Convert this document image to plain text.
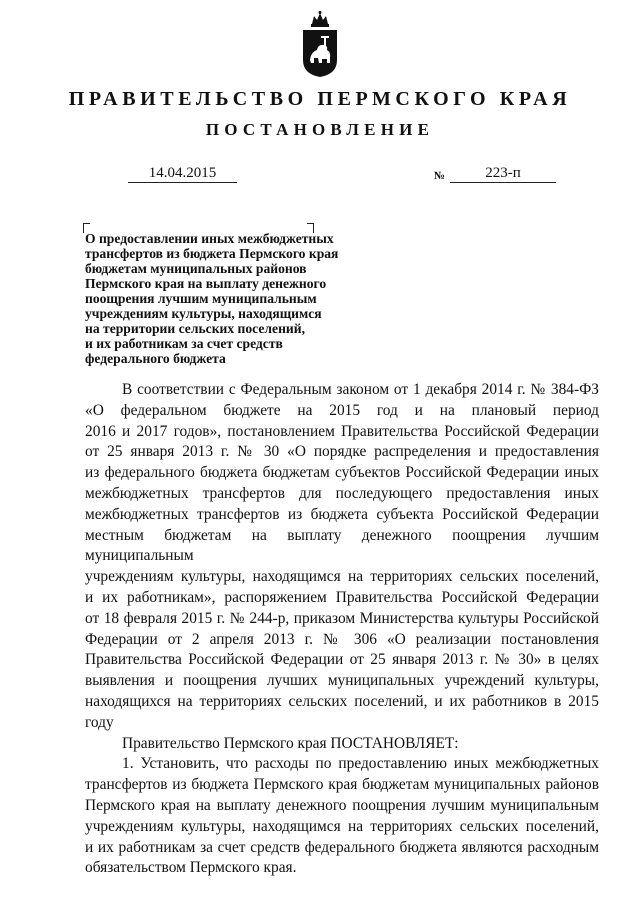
ПРАВИТЕЛЬСТВО ПЕРМСКОГО КРАЯ
ПОСТАНОВЛЕНИЕ
14.04.2015	№	223-п
О предоставлении иных межбюджетных
трансфертов из бюджета Пермского края
бюджетам муниципальных районов
Пермского края на выплату денежного
поощрения лучшим муниципальным
учреждениям культуры, находящимся
на территории сельских поселений,
и их работникам за счет средств
федерального бюджета
В соответствии с Федеральным законом от 1 декабря 2014 г. № 384-ФЗ
«О федеральном бюджете на 2015 год и на плановый период
2016 и 2017 годов», постановлением Правительства Российской Федерации
от 25 января 2013 г. № 30 «О порядке распределения и предоставления
из федерального бюджета бюджетам субъектов Российской Федерации иных
межбюджетных трансфертов для последующего предоставления иных
межбюджетных трансфертов из бюджета субъекта Российской Федерации
местным бюджетам на выплату денежного поощрения лучшим муниципальным
учреждениям культуры, находящимся на территориях сельских поселений,
и их работникам», распоряжением Правительства Российской Федерации
от 18 февраля 2015 г. № 244-р, приказом Министерства культуры Российской
Федерации от 2 апреля 2013 г. № 306 «О реализации постановления
Правительства Российской Федерации от 25 января 2013 г. № 30» в целях
выявления и поощрения лучших муниципальных учреждений культуры,
находящихся на территориях сельских поселений, и их работников в 2015 году
Правительство Пермского края ПОСТАНОВЛЯЕТ:
1. Установить, что расходы по предоставлению иных межбюджетных
трансфертов из бюджета Пермского края бюджетам муниципальных районов
Пермского края на выплату денежного поощрения лучшим муниципальным
учреждениям культуры, находящимся на территориях сельских поселений,
и их работникам за счет средств федерального бюджета являются расходным
обязательством Пермского края.
